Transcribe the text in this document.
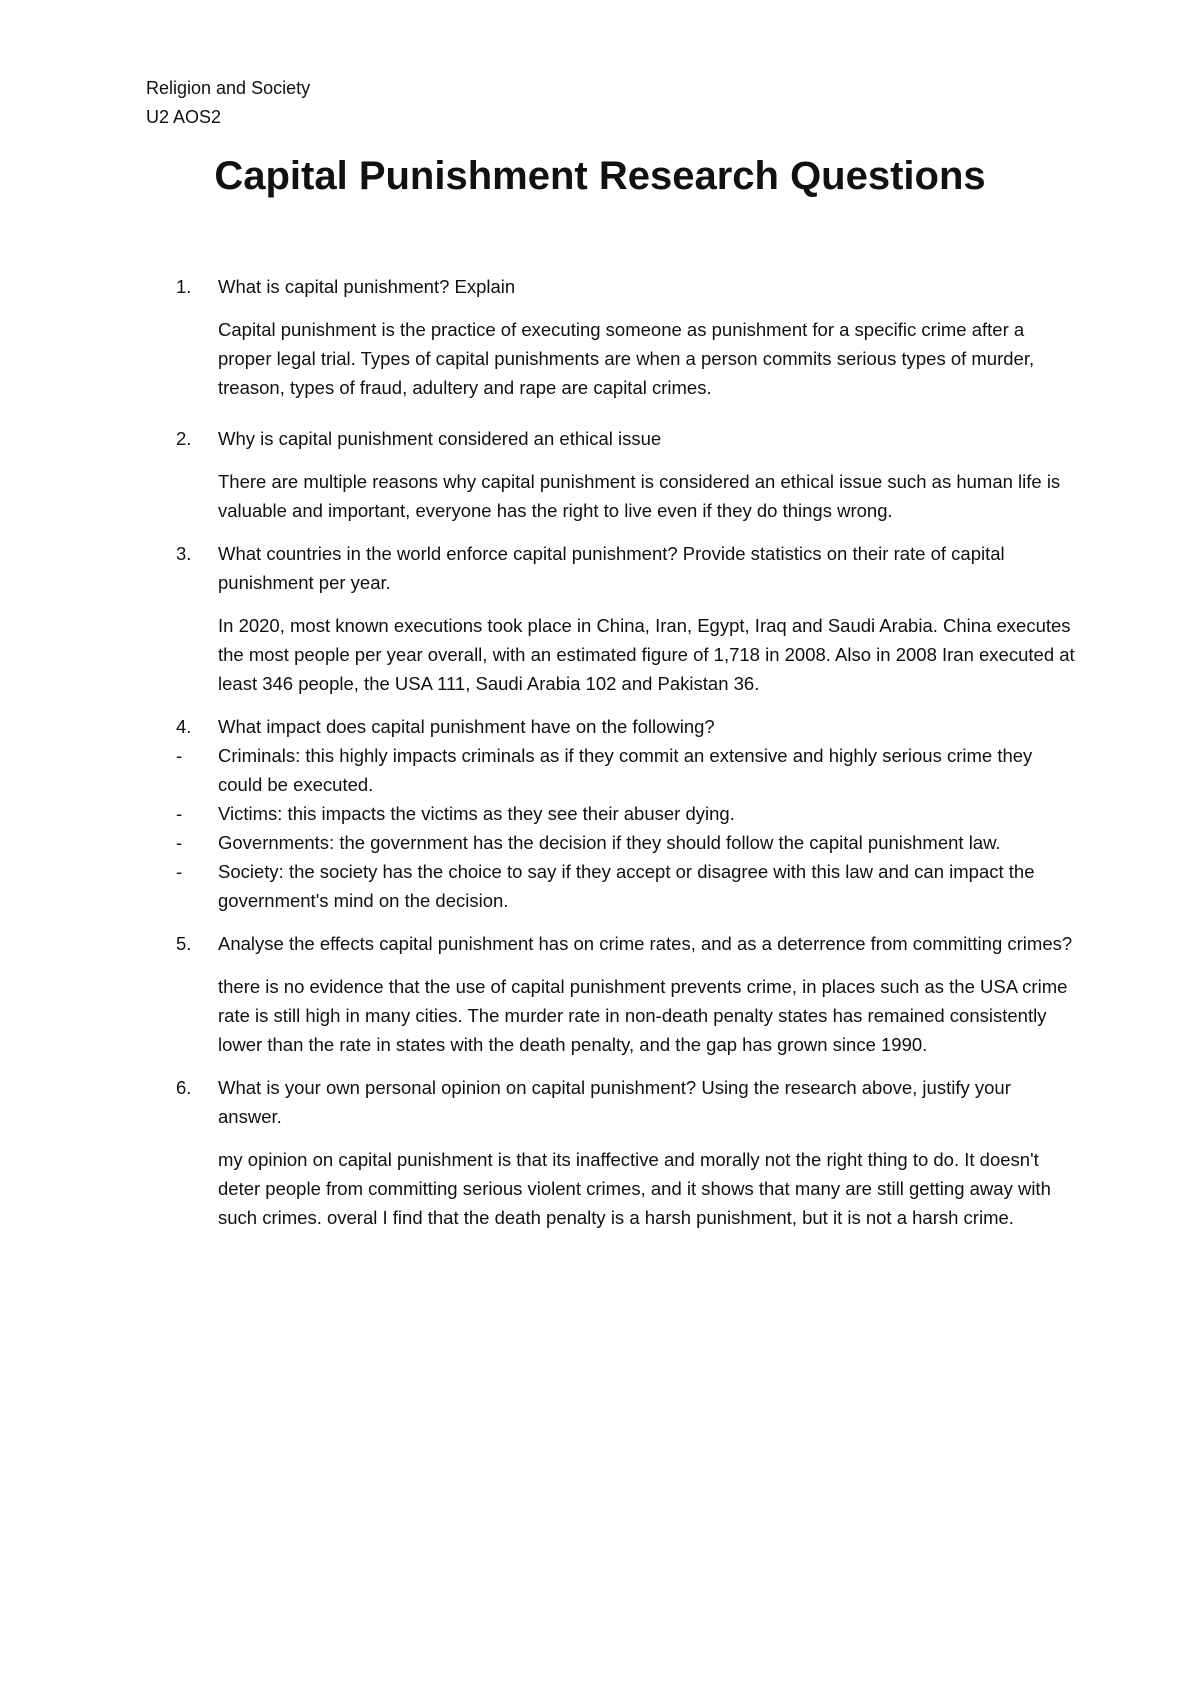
Religion and Society
U2 AOS2
Capital Punishment Research Questions
1.	What is capital punishment? Explain
Capital punishment is the practice of executing someone as punishment for a specific crime after a proper legal trial. Types of capital punishments are when a person commits serious types of murder, treason, types of fraud, adultery and rape are capital crimes.
2.	Why is capital punishment considered an ethical issue
There are multiple reasons why capital punishment is considered an ethical issue such as human life is valuable and important, everyone has the right to live even if they do things wrong.
3.	What countries in the world enforce capital punishment? Provide statistics on their rate of capital punishment per year.
In 2020, most known executions took place in China, Iran, Egypt, Iraq and Saudi Arabia. China executes the most people per year overall, with an estimated figure of 1,718 in 2008. Also in 2008 Iran executed at least 346 people, the USA 111, Saudi Arabia 102 and Pakistan 36.
4.	What impact does capital punishment have on the following?
-	Criminals: this highly impacts criminals as if they commit an extensive and highly serious crime they could be executed.
-	Victims: this impacts the victims as they see their abuser dying.
-	Governments: the government has the decision if they should follow the capital punishment law.
-	Society: the society has the choice to say if they accept or disagree with this law and can impact the government's mind on the decision.
5.	Analyse the effects capital punishment has on crime rates, and as a deterrence from committing crimes?
there is no evidence that the use of capital punishment prevents crime, in places such as the USA crime rate is still high in many cities. The murder rate in non-death penalty states has remained consistently lower than the rate in states with the death penalty, and the gap has grown since 1990.
6.	What is your own personal opinion on capital punishment? Using the research above, justify your answer.
my opinion on capital punishment is that its inaffective and morally not the right thing to do. It doesn't deter people from committing serious violent crimes, and it shows that many are still getting away with such crimes. overal I find that the death penalty is a harsh punishment, but it is not a harsh crime.
